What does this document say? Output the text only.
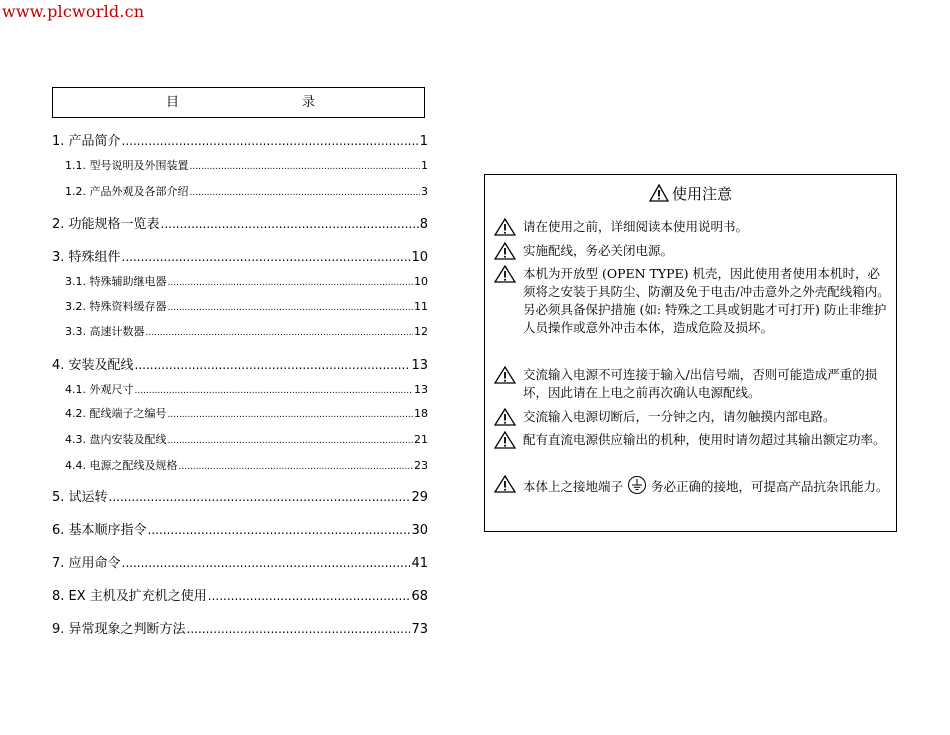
www.plcworld.cn
目	录
1. 产品简介 .....	1
1.1. 型号说明及外围装置 .....	1
1.2. 产品外观及各部介绍 .....	3
2. 功能规格一览表 .....	8
3. 特殊组件 .....	10
3.1. 特殊辅助继电器 .....	10
3.2. 特殊资料缓存器 .....	11
3.3. 高速计数器 .....	12
4. 安装及配线 .....	13
4.1. 外观尺寸 .....	13
4.2. 配线端子之编号 .....	18
4.3. 盘内安装及配线 .....	21
4.4. 电源之配线及规格 .....	23
5. 试运转 .....	29
6. 基本顺序指令 .....	30
7. 应用命令 .....	41
8. EX 主机及扩充机之使用 .....	68
9. 异常现象之判断方法 .....	73
使用注意
请在使用之前，详细阅读本使用说明书。
实施配线，务必关闭电源。
本机为开放型 (OPEN TYPE) 机壳，因此使用者使用本机时，必须将之安装于具防尘、防潮及免于电击/冲击意外之外壳配线箱内。另必须具备保护措施 (如: 特殊之工具或钥匙才可打开) 防止非维护人员操作或意外冲击本体，造成危险及损坏。
交流输入电源不可连接于输入/出信号端，否则可能造成严重的损坏，因此请在上电之前再次确认电源配线。
交流输入电源切断后，一分钟之内，请勿触摸内部电路。
配有直流电源供应输出的机种，使用时请勿超过其输出额定功率。
本体上之接地端子 务必正确的接地，可提高产品抗杂讯能力。
